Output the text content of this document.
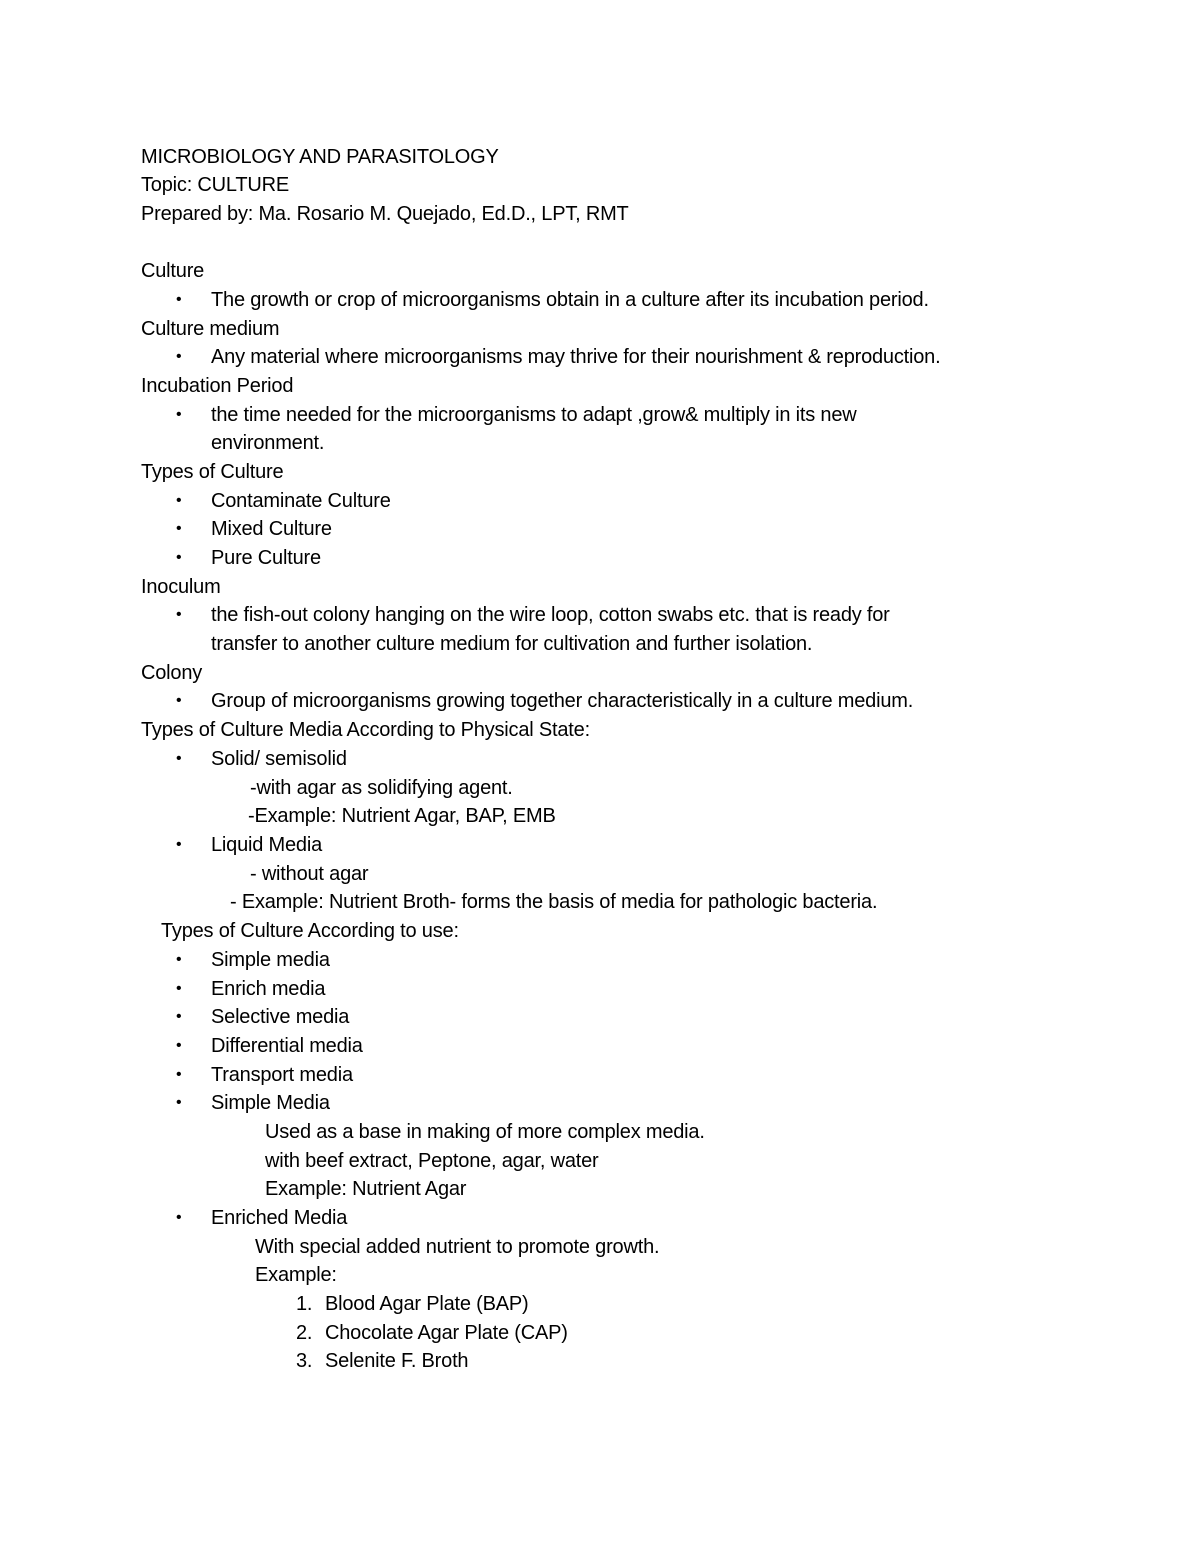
MICROBIOLOGY AND PARASITOLOGY
Topic: CULTURE
Prepared by: Ma. Rosario M. Quejado, Ed.D., LPT, RMT
Culture
• The growth or crop of microorganisms obtain in a culture after its incubation period.
Culture medium
• Any material where microorganisms may thrive for their nourishment & reproduction.
Incubation Period
• the time needed for the microorganisms to adapt ,grow& multiply in its new
environment.
Types of Culture
• Contaminate Culture
• Mixed Culture
• Pure Culture
Inoculum
• the fish-out colony hanging on the wire loop, cotton swabs etc. that is ready for
transfer to another culture medium for cultivation and further isolation.
Colony
• Group of microorganisms growing together characteristically in a culture medium.
Types of Culture Media According to Physical State:
• Solid/ semisolid
-with agar as solidifying agent.
-Example: Nutrient Agar, BAP, EMB
• Liquid Media
- without agar
- Example: Nutrient Broth- forms the basis of media for pathologic bacteria.
Types of Culture According to use:
• Simple media
• Enrich media
• Selective media
• Differential media
• Transport media
• Simple Media
Used as a base in making of more complex media.
with beef extract, Peptone, agar, water
Example: Nutrient Agar
• Enriched Media
With special added nutrient to promote growth.
Example:
1. Blood Agar Plate (BAP)
2. Chocolate Agar Plate (CAP)
3. Selenite F. Broth
